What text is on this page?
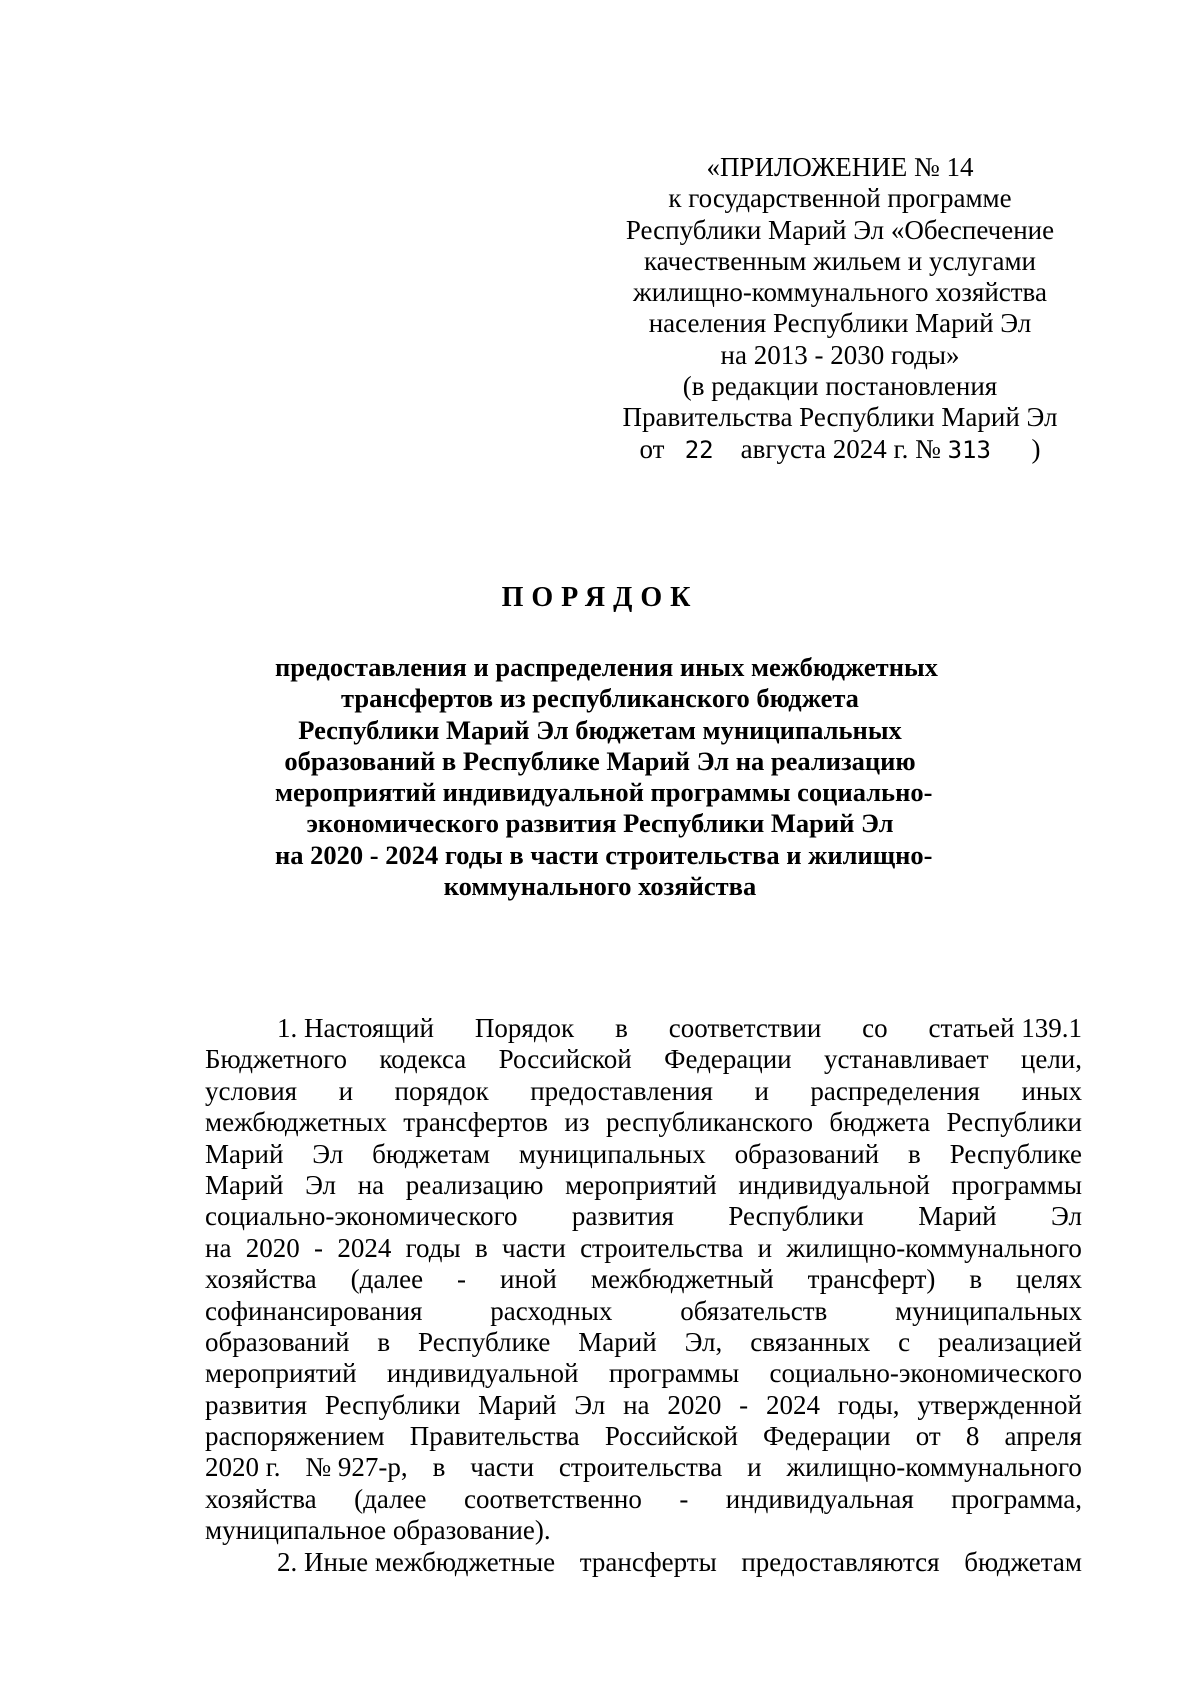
«ПРИЛОЖЕНИЕ № 14
к государственной программе
Республики Марий Эл «Обеспечение
качественным жильем и услугами
жилищно-коммунального хозяйства
населения Республики Марий Эл
на 2013 - 2030 годы»
(в редакции постановления
Правительства Республики Марий Эл
от 22 августа 2024 г. № 313 )
ПОРЯДОК
предоставления и распределения иных межбюджетных
трансфертов из республиканского бюджета
Республики Марий Эл бюджетам муниципальных
образований в Республике Марий Эл на реализацию
мероприятий индивидуальной программы социально-
экономического развития Республики Марий Эл
на 2020 - 2024 годы в части строительства и жилищно-
коммунального хозяйства
1. Настоящий Порядок в соответствии со статьей 139.1
Бюджетного кодекса Российской Федерации устанавливает цели,
условия и порядок предоставления и распределения иных
межбюджетных трансфертов из республиканского бюджета Республики
Марий Эл бюджетам муниципальных образований в Республике
Марий Эл на реализацию мероприятий индивидуальной программы
социально-экономического развития Республики Марий Эл
на 2020 - 2024 годы в части строительства и жилищно-коммунального
хозяйства (далее - иной межбюджетный трансферт) в целях
софинансирования	расходных	обязательств	муниципальных
образований в Республике Марий Эл, связанных с реализацией
мероприятий индивидуальной программы социально-экономического
развития Республики Марий Эл на 2020 - 2024 годы, утвержденной
распоряжением Правительства Российской Федерации от 8 апреля
2020 г. № 927-р, в части строительства и жилищно-коммунального
хозяйства (далее соответственно - индивидуальная программа,
муниципальное образование).
2. Иные межбюджетные трансферты предоставляются бюджетам
